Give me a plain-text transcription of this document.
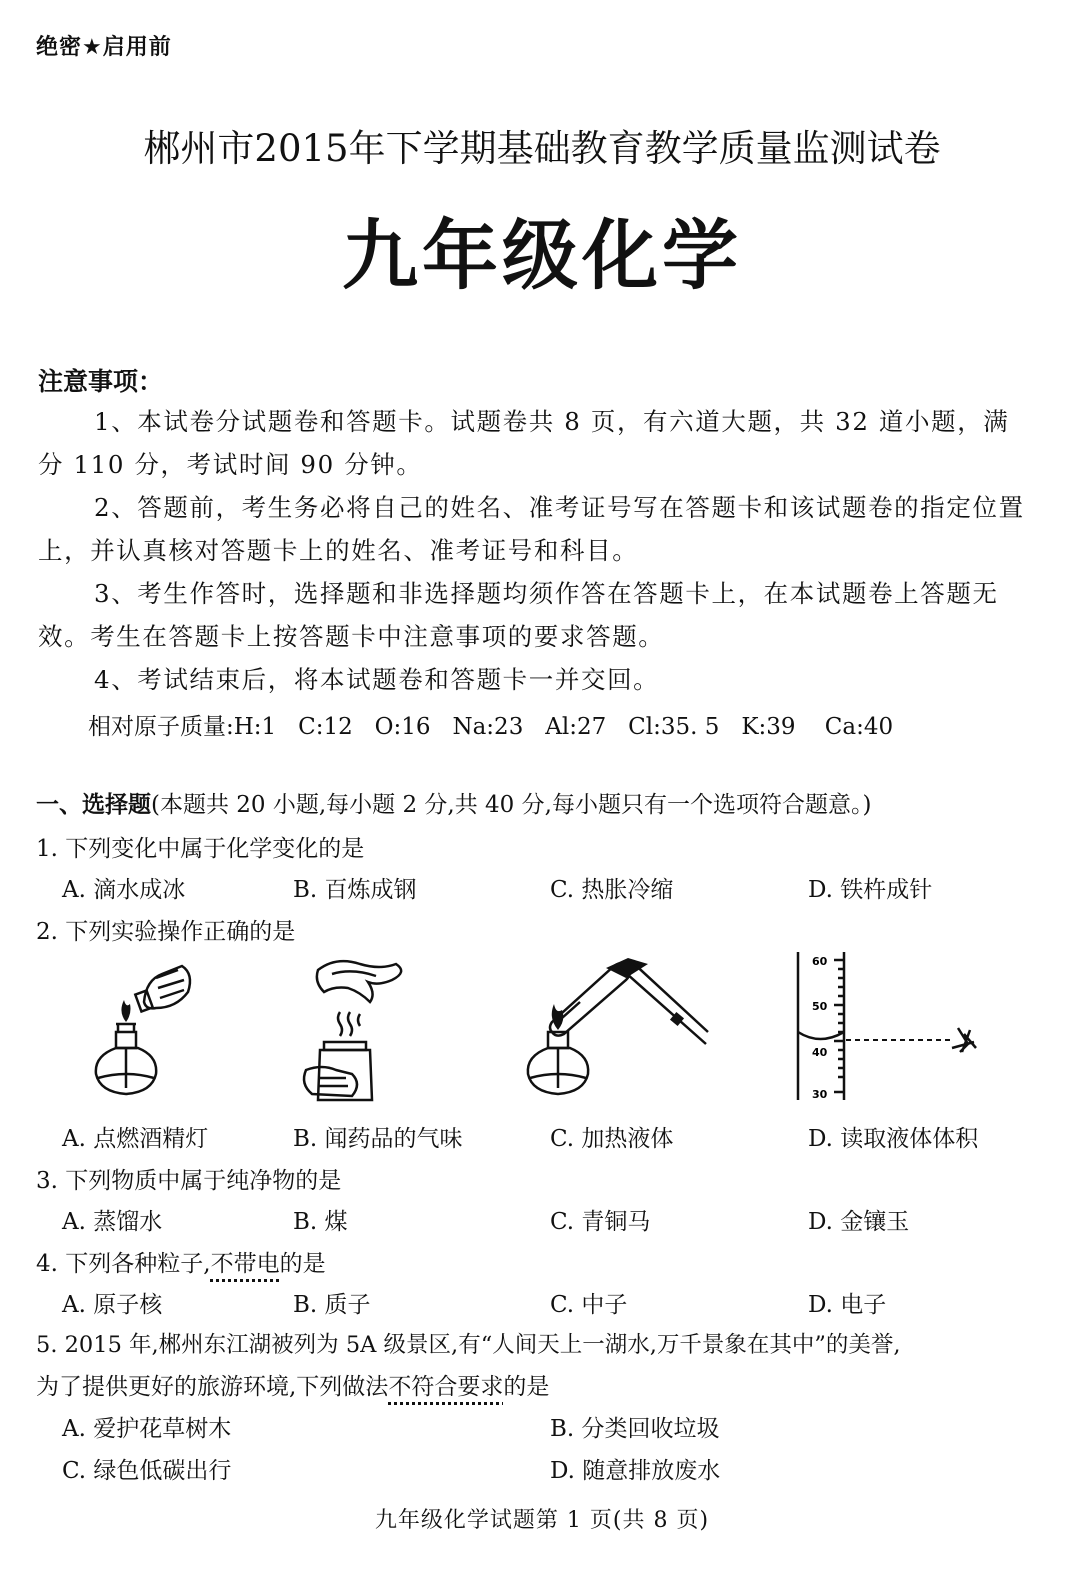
绝密★启用前
郴州市2015年下学期基础教育教学质量监测试卷
九年级化学
注意事项：
1、本试卷分试题卷和答题卡。试题卷共 8 页，有六道大题，共 32 道小题，满分 110 分，考试时间 90 分钟。
2、答题前，考生务必将自己的姓名、准考证号写在答题卡和该试题卷的指定位置上，并认真核对答题卡上的姓名、准考证号和科目。
3、考生作答时，选择题和非选择题均须作答在答题卡上，在本试题卷上答题无效。考生在答题卡上按答题卡中注意事项的要求答题。
4、考试结束后，将本试题卷和答题卡一并交回。
相对原子质量:H:1   C:12   O:16   Na:23   Al:27   Cl:35. 5   K:39    Ca:40
一、选择题(本题共 20 小题,每小题 2 分,共 40 分,每小题只有一个选项符合题意。)
1. 下列变化中属于化学变化的是
A. 滴水成冰	B. 百炼成钢	C. 热胀冷缩	D. 铁杵成针
2. 下列实验操作正确的是
60
50
40
30
A. 点燃酒精灯	B. 闻药品的气味	C. 加热液体	D. 读取液体体积
3. 下列物质中属于纯净物的是
A. 蒸馏水	B. 煤	C. 青铜马	D. 金镶玉
4. 下列各种粒子,不带电的是
A. 原子核	B. 质子	C. 中子	D. 电子
5. 2015 年,郴州东江湖被列为 5A 级景区,有“人间天上一湖水,万千景象在其中”的美誉,
为了提供更好的旅游环境,下列做法不符合要求的是
A. 爱护花草树木	B. 分类回收垃圾
C. 绿色低碳出行	D. 随意排放废水
九年级化学试题第 1 页(共 8 页)
